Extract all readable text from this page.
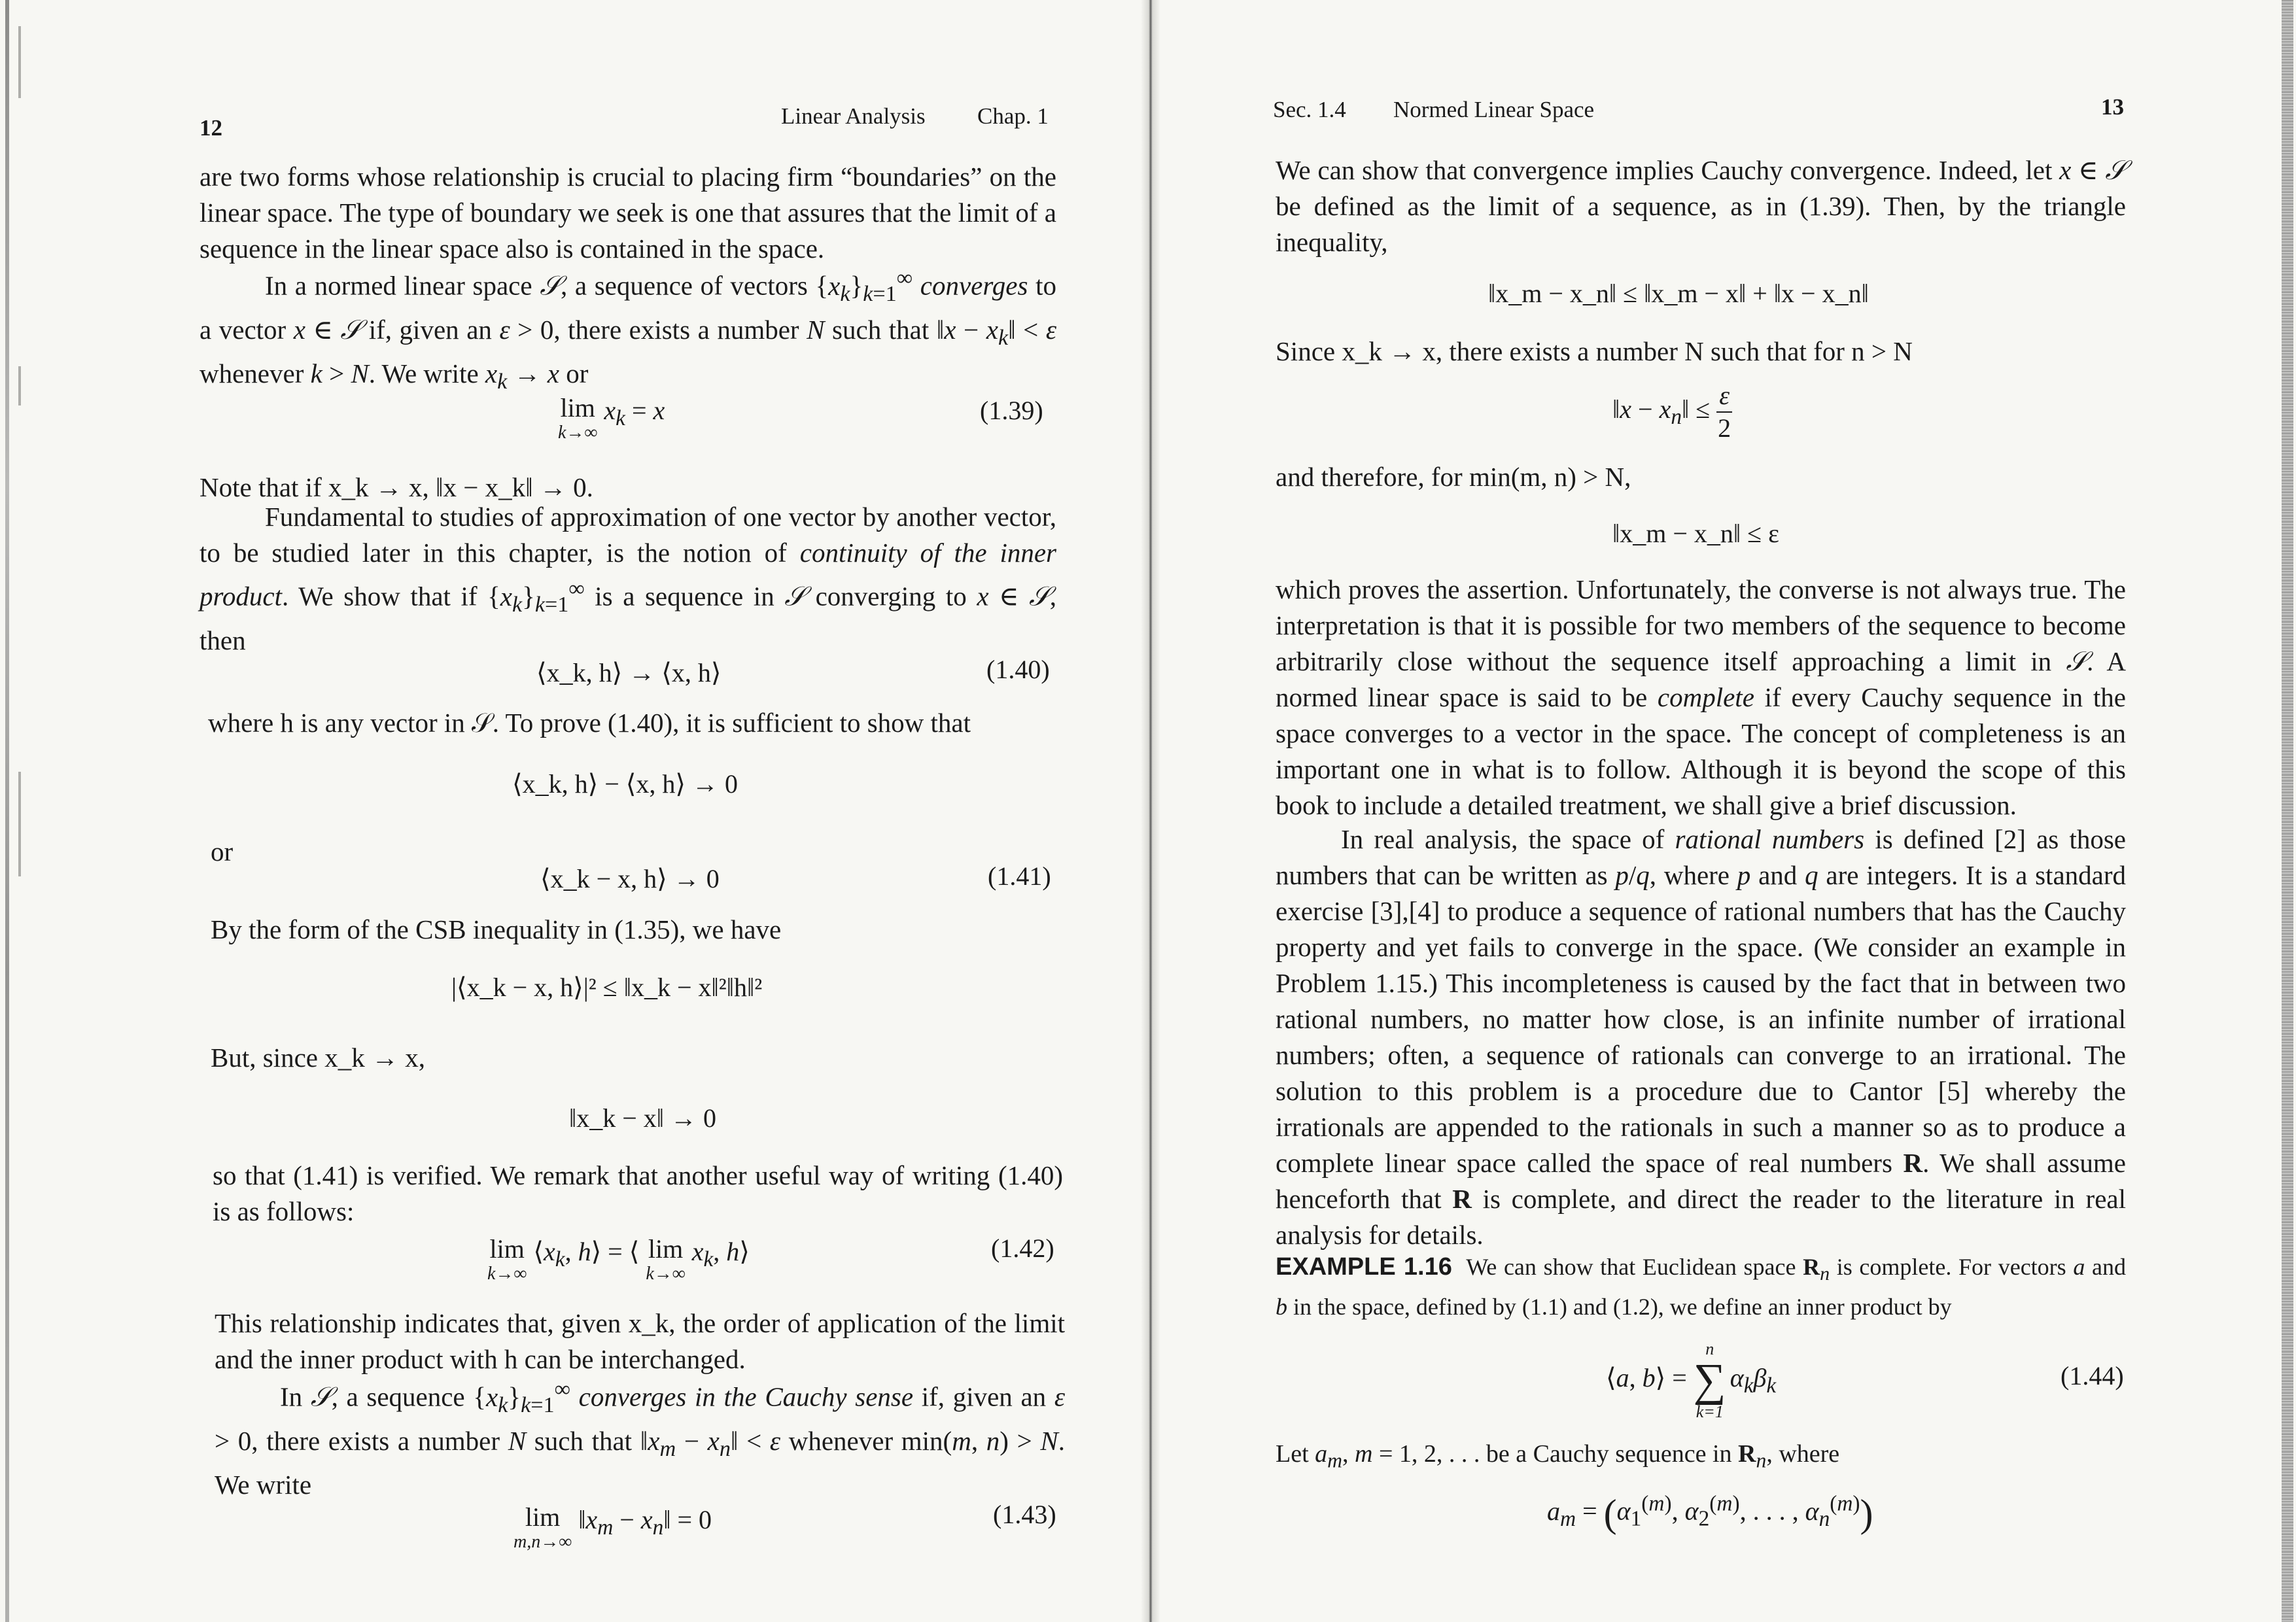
12	Linear Analysis Chap. 1
are two forms whose relationship is crucial to placing firm “boundaries” on the linear space. The type of boundary we seek is one that assures that the limit of a sequence in the linear space also is contained in the space.
In a normed linear space 𝒮, a sequence of vectors $\{x_k\}_{k=1}^\infty$ converges to a vector x ∈ 𝒮 if, given an ε > 0, there exists a number N such that ‖x − $x_k‖ < \varepsilon$ whenever k > N. We write $x_k \to x$ or
lim
k→∞
$x_k = x$	(1.39)
Note that if x_k → x, ‖x − x_k‖ → 0.
Fundamental to studies of approximation of one vector by another vector, to be studied later in this chapter, is the notion of continuity of the inner product. We show that if $\{x_k\}_{k=1}^\infty$ is a sequence in 𝒮 converging to x ∈ 𝒮, then
⟨x_k, h⟩ → ⟨x, h⟩	(1.40)
where h is any vector in 𝒮. To prove (1.40), it is sufficient to show that
⟨x_k, h⟩ − ⟨x, h⟩ → 0
or
⟨x_k − x, h⟩ → 0	(1.41)
By the form of the CSB inequality in (1.35), we have
|⟨x_k − x, h⟩|² ≤ ‖x_k − x‖²‖h‖²
But, since x_k → x,
‖x_k − x‖ → 0
so that (1.41) is verified. We remark that another useful way of writing (1.40) is as follows:
lim
k→∞
$⟨x_k$, h⟩ = ⟨ lim
k→∞
$x_k$, h⟩	(1.42)
This relationship indicates that, given x_k, the order of application of the limit and the inner product with h can be interchanged.
In 𝒮, a sequence $\{x_k\}_{k=1}^\infty$ converges in the Cauchy sense if, given an ε > 0, there exists a number N such that $‖x_m$ − $x_n‖ < \varepsilon$ whenever min(m, n) > N. We write
lim
m,n→∞
$‖x_m$ − $x_n‖ = 0$	(1.43)
Sec. 1.4 Normed Linear Space	13
We can show that convergence implies Cauchy convergence. Indeed, let x ∈ 𝒮 be defined as the limit of a sequence, as in (1.39). Then, by the triangle inequality,
‖x_m − x_n‖ ≤ ‖x_m − x‖ + ‖x − x_n‖
Since x_k → x, there exists a number N such that for n > N
‖x − $x_n‖ \le \frac{\varepsilon}{2}$
and therefore, for min(m, n) > N,
‖x_m − x_n‖ ≤ ε
which proves the assertion. Unfortunately, the converse is not always true. The interpretation is that it is possible for two members of the sequence to become arbitrarily close without the sequence itself approaching a limit in 𝒮. A normed linear space is said to be complete if every Cauchy sequence in the space converges to a vector in the space. The concept of completeness is an important one in what is to follow. Although it is beyond the scope of this book to include a detailed treatment, we shall give a brief discussion.
In real analysis, the space of rational numbers is defined [2] as those numbers that can be written as p/q, where p and q are integers. It is a standard exercise [3],[4] to produce a sequence of rational numbers that has the Cauchy property and yet fails to converge in the space. (We consider an example in Problem 1.15.) This incompleteness is caused by the fact that in between two rational numbers, no matter how close, is an infinite number of irrational numbers; often, a sequence of rationals can converge to an irrational. The solution to this problem is a procedure due to Cantor [5] whereby the irrationals are appended to the rationals in such a manner so as to produce a complete linear space called the space of real numbers R. We shall assume henceforth that R is complete, and direct the reader to the literature in real analysis for details.
EXAMPLE 1.16  We can show that Euclidean space $R_n$ is complete. For vectors a and b in the space, defined by (1.1) and (1.2), we define an inner product by
⟨a, b⟩ =
n
∑
k=1
$\alpha_k\beta_k$	(1.44)
Let $a_m$, m = 1, 2, . . . be a Cauchy sequence in $R_n$, where
$a_m = (\alpha_1^{(m)}$, $\alpha_2^{(m)}$, . . . , $\alpha_n^{(m)}$)
